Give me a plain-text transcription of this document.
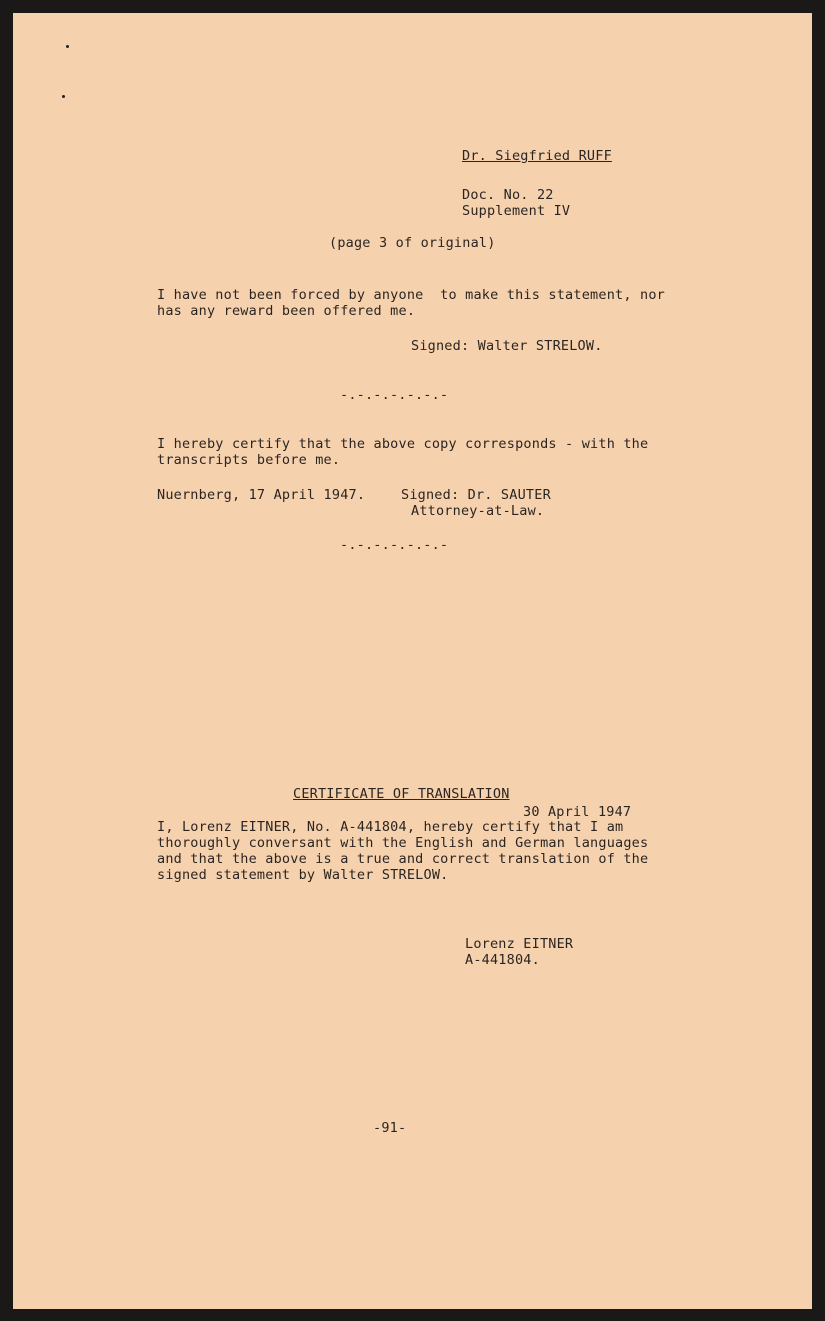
Dr. Siegfried RUFF
Doc. No. 22
Supplement IV
(page 3 of original)
I have not been forced by anyone  to make this statement, nor
has any reward been offered me.
Signed: Walter STRELOW.
-.-.-.-.-.-.-
I hereby certify that the above copy corresponds - with the
transcripts before me.
Nuernberg, 17 April 1947.	Signed: Dr. SAUTER
Attorney-at-Law.
-.-.-.-.-.-.-
CERTIFICATE OF TRANSLATION
30 April 1947
I, Lorenz EITNER, No. A-441804, hereby certify that I am
thoroughly conversant with the English and German languages
and that the above is a true and correct translation of the
signed statement by Walter STRELOW.
Lorenz EITNER
A-441804.
-91-
